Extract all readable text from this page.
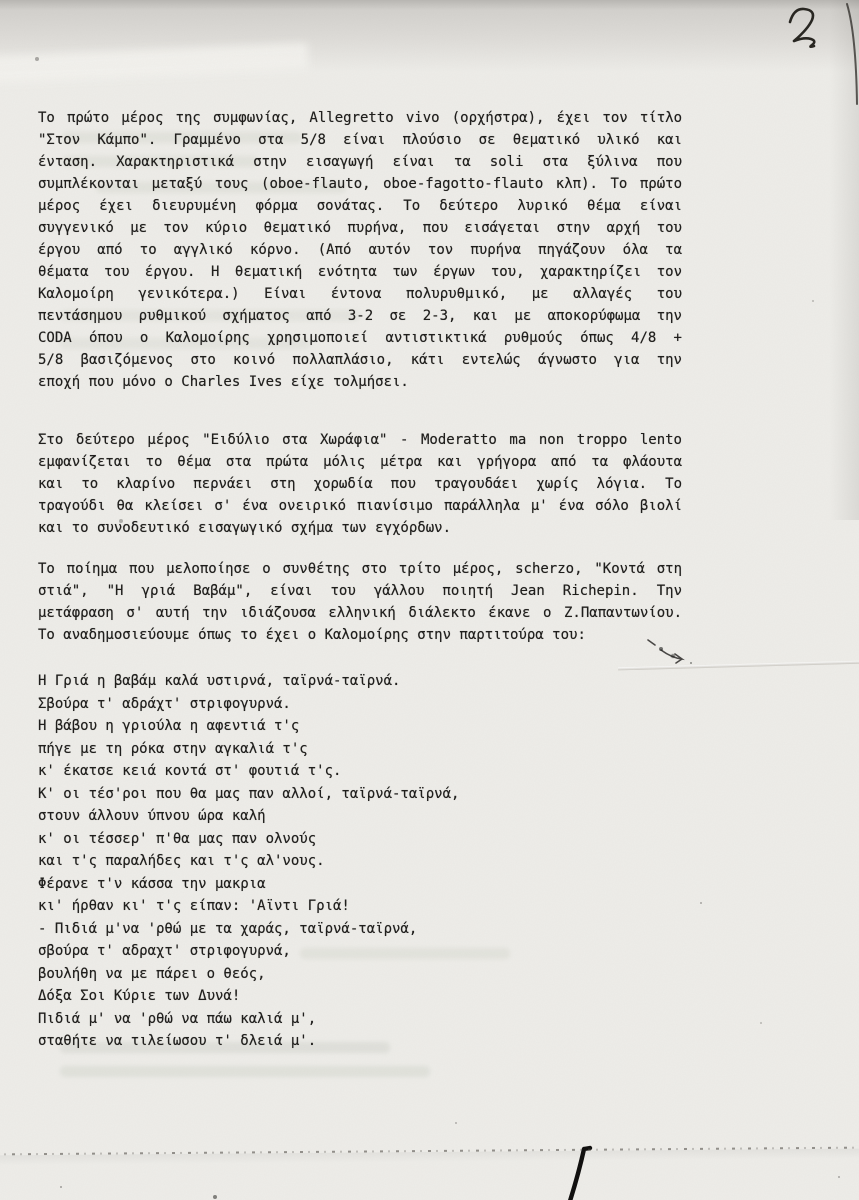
Το πρώτο μέρος της συμφωνίας, Allegretto vivo (ορχήστρα), έχει τον τίτλο
"Στον Κάμπο". Γραμμένο στα 5/8 είναι πλούσιο σε θεματικό υλικό και
ένταση. Χαρακτηριστικά στην εισαγωγή είναι τα soli στα ξύλινα που
συμπλέκονται μεταξύ τους (oboe-flauto, oboe-fagotto-flauto κλπ). Το πρώτο
μέρος έχει διευρυμένη φόρμα σονάτας. Το δεύτερο λυρικό θέμα είναι
συγγενικό με τον κύριο θεματικό πυρήνα, που εισάγεται στην αρχή του
έργου από το αγγλικό κόρνο. (Από αυτόν τον πυρήνα πηγάζουν όλα τα
θέματα του έργου. Η θεματική ενότητα των έργων του, χαρακτηρίζει τον
Καλομοίρη γενικότερα.) Είναι έντονα πολυρυθμικό, με αλλαγές του
πεντάσημου ρυθμικού σχήματος από 3-2 σε 2-3, και με αποκορύφωμα την
CODA όπου ο Καλομοίρης χρησιμοποιεί αντιστικτικά ρυθμούς όπως 4/8 +
5/8 βασιζόμενος στο κοινό πολλαπλάσιο, κάτι εντελώς άγνωστο για την
εποχή που μόνο ο Charles Ives είχε τολμήσει.
Στο δεύτερο μέρος "Ειδύλιο στα Χωράφια" - Moderatto ma non troppo lento
εμφανίζεται το θέμα στα πρώτα μόλις μέτρα και γρήγορα από τα φλάουτα
και το κλαρίνο περνάει στη χορωδία που τραγουδάει χωρίς λόγια. Το
τραγούδι θα κλείσει σ' ένα ονειρικό πιανίσιμο παράλληλα μ' ένα σόλο βιολί
και το συνοδευτικό εισαγωγικό σχήμα των εγχόρδων.
Το ποίημα που μελοποίησε ο συνθέτης στο τρίτο μέρος, scherzo, "Κοντά στη
στιά", "Η γριά Βαβάμ", είναι του γάλλου ποιητή Jean Richepin. Την
μετάφραση σ' αυτή την ιδιάζουσα ελληνική διάλεκτο έκανε ο Ζ.Παπαντωνίου.
Το αναδημοσιεύουμε όπως το έχει ο Καλομοίρης στην παρτιτούρα του:
Η Γριά η βαβάμ καλά υστιρνά, ταϊρνά-ταϊρνά.
Σβούρα τ' αδράχτ' στριφογυρνά.
Η βάβου η γριούλα η αφεντιά τ'ς
πήγε με τη ρόκα στην αγκαλιά τ'ς
κ' έκατσε κειά κοντά στ' φουτιά τ'ς.
Κ' οι τέσ'ροι που θα μας παν αλλοί, ταϊρνά-ταϊρνά,
στουν άλλουν ύπνου ώρα καλή
κ' οι τέσσερ' π'θα μας παν ολνούς
και τ'ς παραλήδες και τ'ς αλ'νους.
Φέρανε τ'ν κάσσα την μακρια
κι' ήρθαν κι' τ'ς είπαν: 'Αϊντι Γριά!
- Πιδιά μ'να 'ρθώ με τα χαράς, ταϊρνά-ταϊρνά,
σβούρα τ' αδραχτ' στριφογυρνά,
βουλήθη να με πάρει ο θεός,
Δόξα Σοι Κύριε των Δυνά!
Πιδιά μ' να 'ρθώ να πάω καλιά μ',
σταθήτε να τιλείωσου τ' δλειά μ'.
